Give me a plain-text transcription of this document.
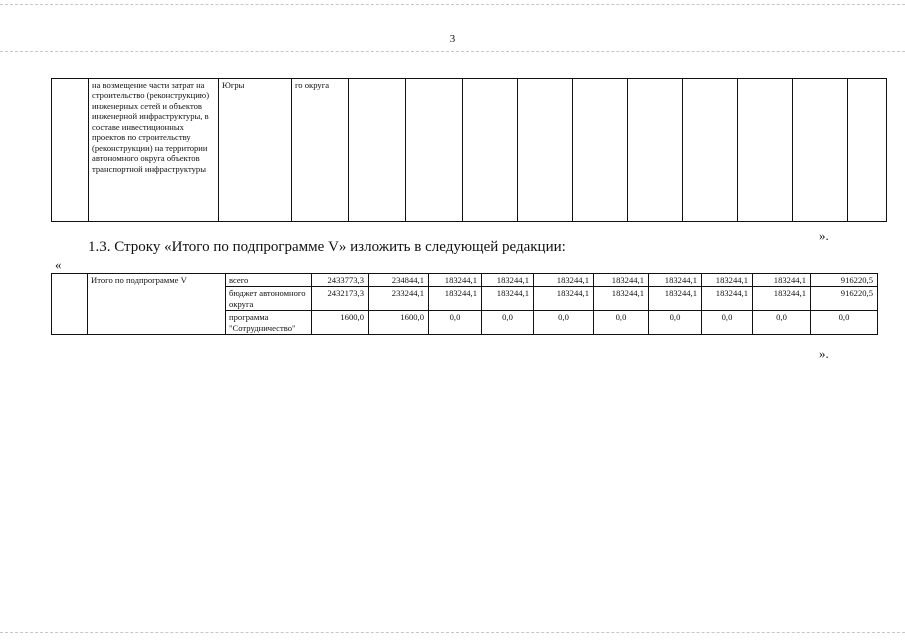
3
	на возмещение части затрат на строительство (реконструкцию) инженерных сетей и объектов инженерной инфраструктуры, в составе инвестиционных проектов по строительству (реконструкции) на территории автономного округа объектов транспортной инфраструктуры	Югры	го округа										
».
1.3. Строку «Итого по подпрограмме V» изложить в следующей редакции:
«
	Итого по подпрограмме V	всего	2433773,3	234844,1	183244,1	183244,1	183244,1	183244,1	183244,1	183244,1	183244,1	916220,5
		бюджет автономного округа	2432173,3	233244,1	183244,1	183244,1	183244,1	183244,1	183244,1	183244,1	183244,1	916220,5
		программа "Сотрудничество"	1600,0	1600,0	0,0	0,0	0,0	0,0	0,0	0,0	0,0	0,0
».
